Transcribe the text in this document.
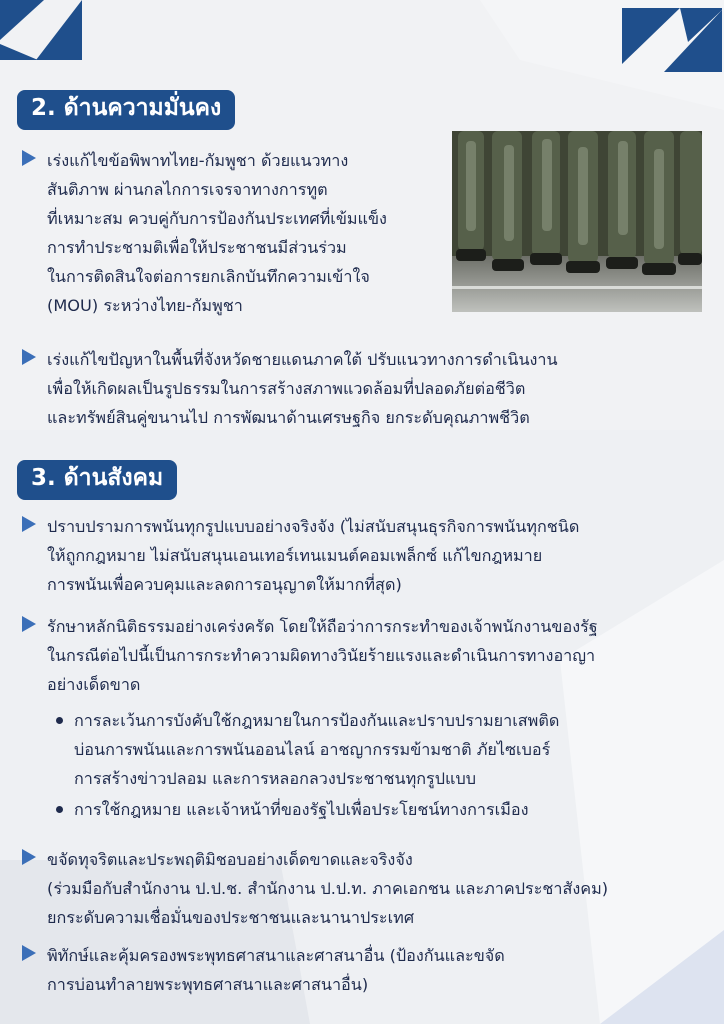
2. ด้านความมั่นคง
เร่งแก้ไขข้อพิพาทไทย-กัมพูชา ด้วยแนวทาง
สันติภาพ ผ่านกลไกการเจรจาทางการทูต
ที่เหมาะสม ควบคู่กับการป้องกันประเทศที่เข้มแข็ง
การทำประชามติเพื่อให้ประชาชนมีส่วนร่วม
ในการติดสินใจต่อการยกเลิกบันทึกความเข้าใจ
(MOU) ระหว่างไทย-กัมพูชา
เร่งแก้ไขปัญหาในพื้นที่จังหวัดชายแดนภาคใต้ ปรับแนวทางการดำเนินงาน
เพื่อให้เกิดผลเป็นรูปธรรมในการสร้างสภาพแวดล้อมที่ปลอดภัยต่อชีวิต
และทรัพย์สินคู่ขนานไป การพัฒนาด้านเศรษฐกิจ ยกระดับคุณภาพชีวิต
3. ด้านสังคม
ปราบปรามการพนันทุกรูปแบบอย่างจริงจัง (ไม่สนับสนุนธุรกิจการพนันทุกชนิด
ให้ถูกกฎหมาย ไม่สนับสนุนเอนเทอร์เทนเมนต์คอมเพล็กซ์ แก้ไขกฎหมาย
การพนันเพื่อควบคุมและลดการอนุญาตให้มากที่สุด)
รักษาหลักนิติธรรมอย่างเคร่งครัด โดยให้ถือว่าการกระทำของเจ้าพนักงานของรัฐ
ในกรณีต่อไปนี้เป็นการกระทำความผิดทางวินัยร้ายแรงและดำเนินการทางอาญา
อย่างเด็ดขาด
การละเว้นการบังคับใช้กฎหมายในการป้องกันและปราบปรามยาเสพติด
บ่อนการพนันและการพนันออนไลน์ อาชญากรรมข้ามชาติ ภัยไซเบอร์
การสร้างข่าวปลอม และการหลอกลวงประชาชนทุกรูปแบบ
การใช้กฎหมาย และเจ้าหน้าที่ของรัฐไปเพื่อประโยชน์ทางการเมือง
ขจัดทุจริตและประพฤติมิชอบอย่างเด็ดขาดและจริงจัง
(ร่วมมือกับสำนักงาน ป.ป.ช. สำนักงาน ป.ป.ท. ภาคเอกชน และภาคประชาสังคม)
ยกระดับความเชื่อมั่นของประชาชนและนานาประเทศ
พิทักษ์และคุ้มครองพระพุทธศาสนาและศาสนาอื่น (ป้องกันและขจัด
การบ่อนทำลายพระพุทธศาสนาและศาสนาอื่น)
